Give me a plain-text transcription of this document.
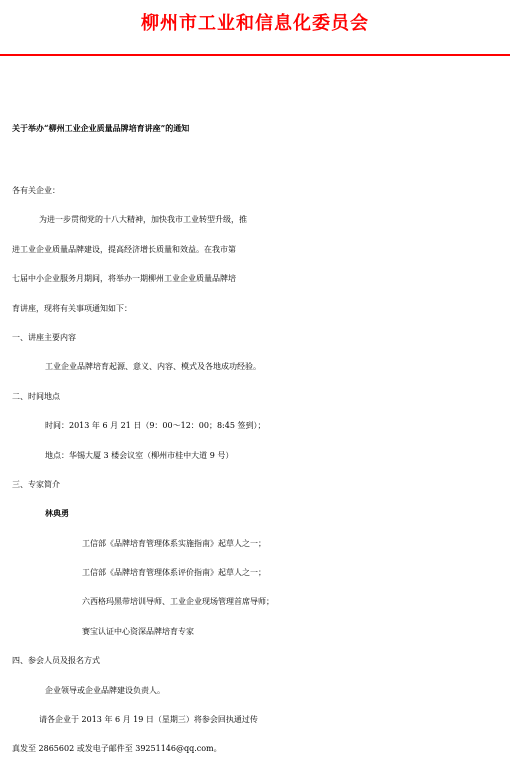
柳州市工业和信息化委员会
关于举办“柳州工业企业质量品牌培育讲座”的通知
各有关企业：
为进一步贯彻党的十八大精神，加快我市工业转型升级，推
进工业企业质量品牌建设，提高经济增长质量和效益。在我市第
七届中小企业服务月期间，将举办一期柳州工业企业质量品牌培
育讲座，现将有关事项通知如下：
一、讲座主要内容
工业企业品牌培育起源、意义、内容、模式及各地成功经验。
二、时间地点
时间：2013 年 6 月 21 日（9：00～12：00；8:45 签到）；
地点：华锡大厦 3 楼会议室（柳州市桂中大道 9 号）
三、专家简介
林典勇
工信部《品牌培育管理体系实施指南》起草人之一；
工信部《品牌培育管理体系评价指南》起草人之一；
六西格玛黑带培训导师、工业企业现场管理首席导师；
赛宝认证中心资深品牌培育专家
四、参会人员及报名方式
企业领导或企业品牌建设负责人。
请各企业于 2013 年 6 月 19 日（星期三）将参会回执通过传
真发至 2865602 或发电子邮件至 39251146@qq.com。
